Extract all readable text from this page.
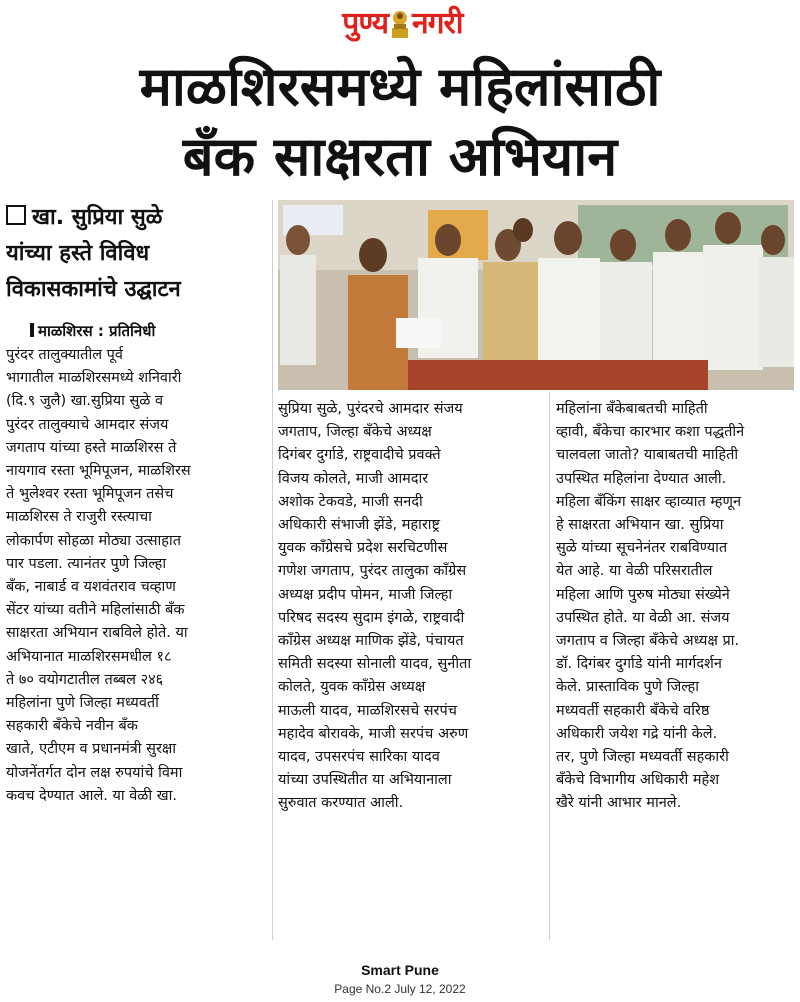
पुण्य नगरी
माळशिरसमध्ये महिलांसाठी
बँक साक्षरता अभियान
खा. सुप्रिया सुळे
यांच्या हस्ते विविध
विकासकामांचे उद्घाटन
माळशिरस : प्रतिनिधी
पुरंदर तालुक्यातील पूर्व
भागातील माळशिरसमध्ये शनिवारी
(दि.९ जुलै) खा.सुप्रिया सुळे व
पुरंदर तालुक्याचे आमदार संजय
जगताप यांच्या हस्ते माळशिरस ते
नायगाव रस्ता भूमिपूजन, माळशिरस
ते भुलेश्वर रस्ता भूमिपूजन तसेच
माळशिरस ते राजुरी रस्त्याचा
लोकार्पण सोहळा मोठ्या उत्साहात
पार पडला. त्यानंतर पुणे जिल्हा
बँक, नाबार्ड व यशवंतराव चव्हाण
सेंटर यांच्या वतीने महिलांसाठी बँक
साक्षरता अभियान राबविले होते. या
अभियानात माळशिरसमधील १८
ते ७० वयोगटातील तब्बल २४६
महिलांना पुणे जिल्हा मध्यवर्ती
सहकारी बँकेचे नवीन बँक
खाते, एटीएम व प्रधानमंत्री सुरक्षा
योजनेंतर्गत दोन लक्ष रुपयांचे विमा
कवच देण्यात आले. या वेळी खा.
सुप्रिया सुळे, पुरंदरचे आमदार संजय
जगताप, जिल्हा बँकेचे अध्यक्ष
दिगंबर दुर्गाडे, राष्ट्रवादीचे प्रवक्ते
विजय कोलते, माजी आमदार
अशोक टेकवडे, माजी सनदी
अधिकारी संभाजी झेंडे, महाराष्ट्र
युवक काँग्रेसचे प्रदेश सरचिटणीस
गणेश जगताप, पुरंदर तालुका काँग्रेस
अध्यक्ष प्रदीप पोमन, माजी जिल्हा
परिषद सदस्य सुदाम इंगळे, राष्ट्रवादी
काँग्रेस अध्यक्ष माणिक झेंडे, पंचायत
समिती सदस्या सोनाली यादव, सुनीता
कोलते, युवक काँग्रेस अध्यक्ष
माऊली यादव, माळशिरसचे सरपंच
महादेव बोरावके, माजी सरपंच अरुण
यादव, उपसरपंच सारिका यादव
यांच्या उपस्थितीत या अभियानाला
सुरुवात करण्यात आली.
महिलांना बँकेबाबतची माहिती
व्हावी, बँकेचा कारभार कशा पद्धतीने
चालवला जातो? याबाबतची माहिती
उपस्थित महिलांना देण्यात आली.
महिला बँकिंग साक्षर व्हाव्यात म्हणून
हे साक्षरता अभियान खा. सुप्रिया
सुळे यांच्या सूचनेनंतर राबविण्यात
येत आहे. या वेळी परिसरातील
महिला आणि पुरुष मोठ्या संख्येने
उपस्थित होते. या वेळी आ. संजय
जगताप व जिल्हा बँकेचे अध्यक्ष प्रा.
डॉ. दिगंबर दुर्गाडे यांनी मार्गदर्शन
केले. प्रास्ताविक पुणे जिल्हा
मध्यवर्ती सहकारी बँकेचे वरिष्ठ
अधिकारी जयेश गद्रे यांनी केले.
तर, पुणे जिल्हा मध्यवर्ती सहकारी
बँकेचे विभागीय अधिकारी महेश
खैरे यांनी आभार मानले.
Smart Pune
Page No.2 July 12, 2022
